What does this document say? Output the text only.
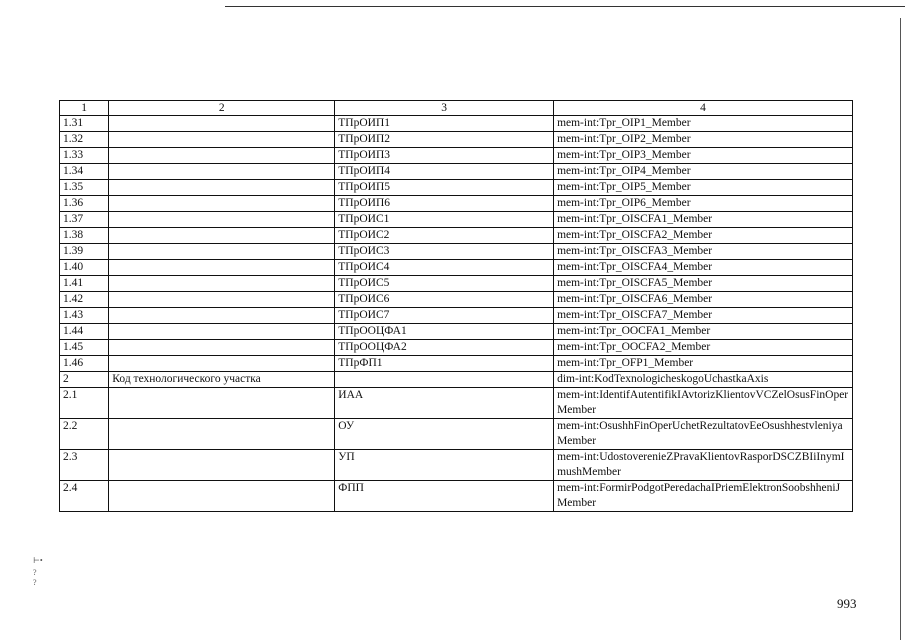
1	2	3	4
1.31		ТПрОИП1	mem-int:Tpr_OIP1_Member
1.32		ТПрОИП2	mem-int:Tpr_OIP2_Member
1.33		ТПрОИП3	mem-int:Tpr_OIP3_Member
1.34		ТПрОИП4	mem-int:Tpr_OIP4_Member
1.35		ТПрОИП5	mem-int:Tpr_OIP5_Member
1.36		ТПрОИП6	mem-int:Tpr_OIP6_Member
1.37		ТПрОИС1	mem-int:Tpr_OISCFA1_Member
1.38		ТПрОИС2	mem-int:Tpr_OISCFA2_Member
1.39		ТПрОИС3	mem-int:Tpr_OISCFA3_Member
1.40		ТПрОИС4	mem-int:Tpr_OISCFA4_Member
1.41		ТПрОИС5	mem-int:Tpr_OISCFA5_Member
1.42		ТПрОИС6	mem-int:Tpr_OISCFA6_Member
1.43		ТПрОИС7	mem-int:Tpr_OISCFA7_Member
1.44		ТПрООЦФА1	mem-int:Tpr_OOCFA1_Member
1.45		ТПрООЦФА2	mem-int:Tpr_OOCFA2_Member
1.46		ТПрФП1	mem-int:Tpr_OFP1_Member
2	Код технологического участка		dim-int:KodTexnologicheskogoUchastkaAxis
2.1		ИАА	mem-int:IdentifAutentifikIAvtorizKlientovVCZelOsusFinOperMember
2.2		ОУ	mem-int:OsushhFinOperUchetRezultatovEeOsushhestvleniyaMember
2.3		УП	mem-int:UdostoverenieZPravaKlientovRasporDSCZBIiInymImushMember
2.4		ФПП	mem-int:FormirPodgotPeredachaIPriemElektronSoobshheniJMember
993
⊢•
?
?
